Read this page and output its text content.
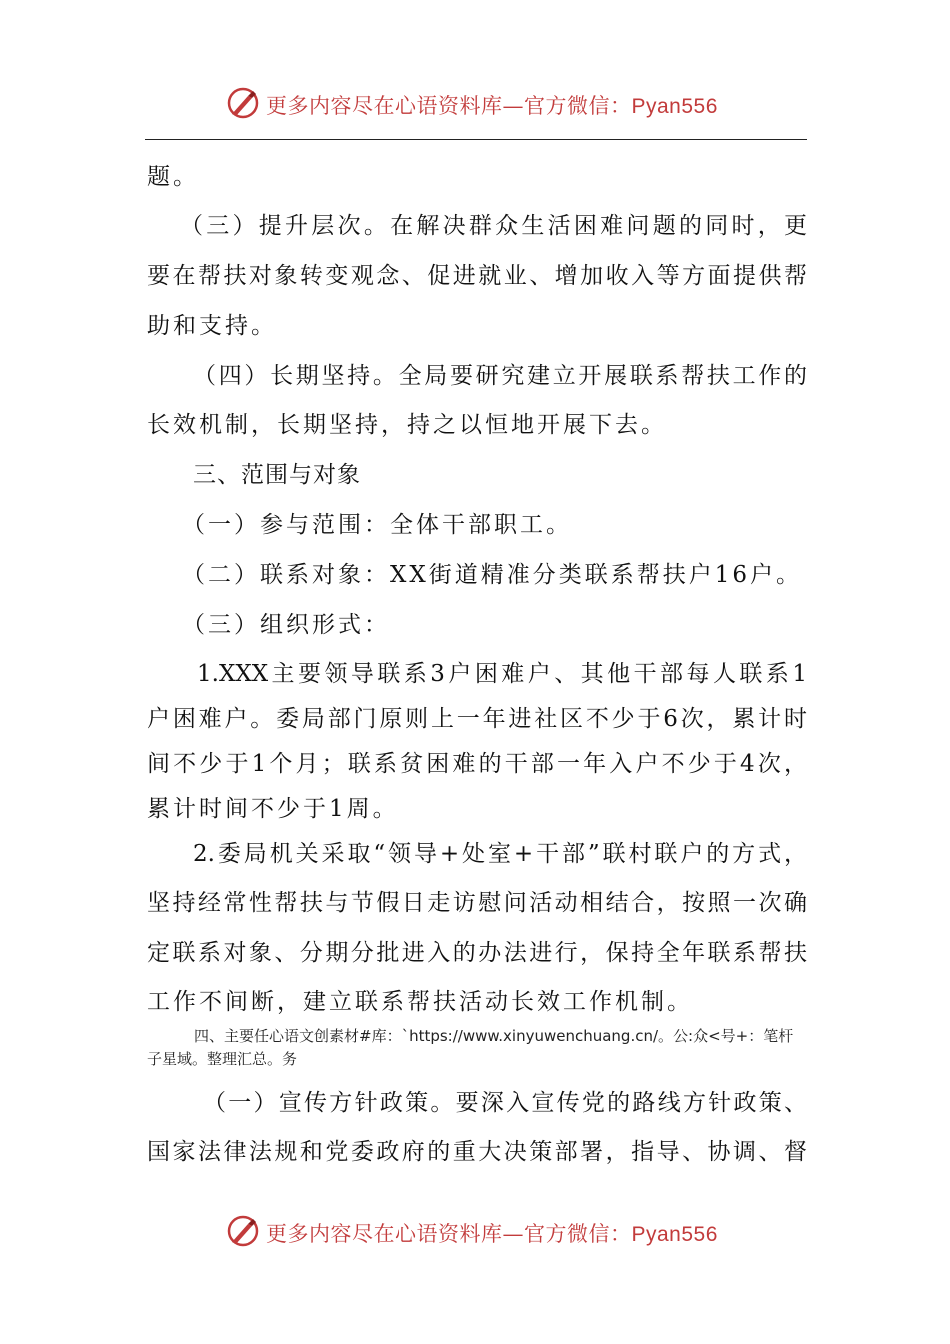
更多内容尽在心语资料库—官方微信：Pyan556
题。
（三）提升层次。在解决群众生活困难问题的同时，更
要在帮扶对象转变观念、促进就业、增加收入等方面提供帮
助和支持。
（四）长期坚持。全局要研究建立开展联系帮扶工作的
长效机制，长期坚持，持之以恒地开展下去。
三、范围与对象
（一）参与范围：全体干部职工。
（二）联系对象：XX街道精准分类联系帮扶户16户。
（三）组织形式：
1.XXX主要领导联系3户困难户、其他干部每人联系1
户困难户。委局部门原则上一年进社区不少于6次，累计时
间不少于1个月；联系贫困难的干部一年入户不少于4次，
累计时间不少于1周。
2.委局机关采取“领导+处室+干部”联村联户的方式，
坚持经常性帮扶与节假日走访慰问活动相结合，按照一次确
定联系对象、分期分批进入的办法进行，保持全年联系帮扶
工作不间断，建立联系帮扶活动长效工作机制。
四、主要任心语文创素材#库：`https://www.xinyuwenchuang.cn/。公:众<号+：笔杆
子星域。整理汇总。务
（一）宣传方针政策。要深入宣传党的路线方针政策、
国家法律法规和党委政府的重大决策部署，指导、协调、督
更多内容尽在心语资料库—官方微信：Pyan556
